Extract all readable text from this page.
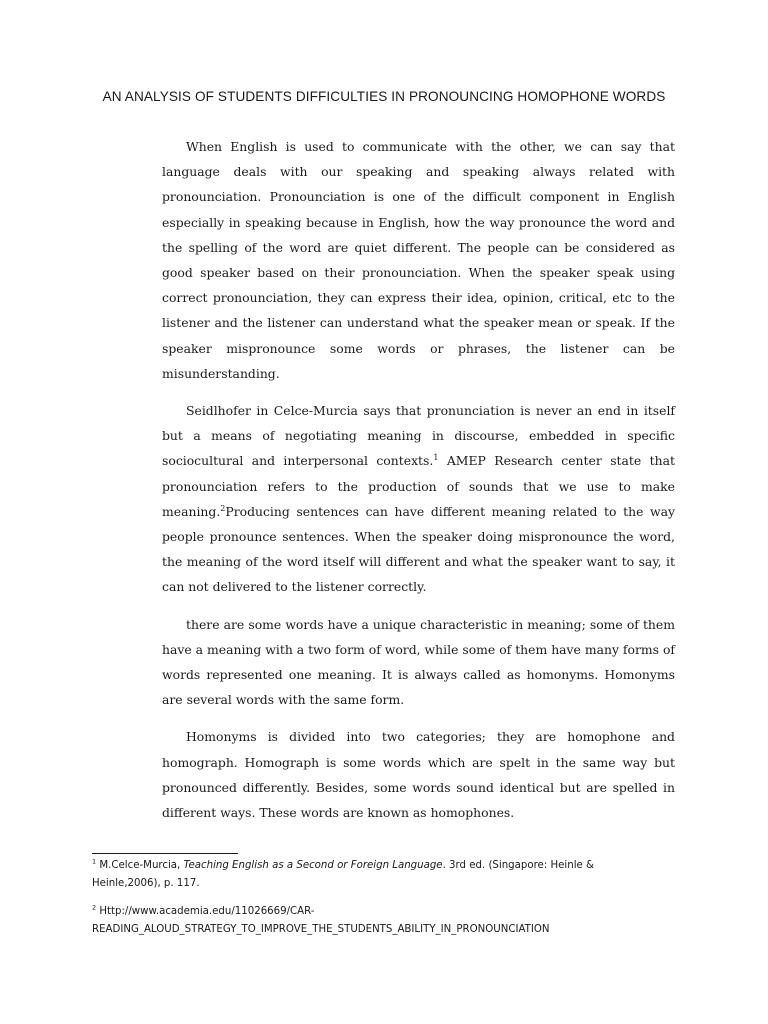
AN ANALYSIS OF STUDENTS DIFFICULTIES IN PRONOUNCING HOMOPHONE WORDS

When English is used to communicate with the other, we can say that language deals with our speaking and speaking always related with pronounciation. Pronounciation is one of the difficult component in English especially in speaking because in English, how the way pronounce the word and the spelling of the word are quiet different. The people can be considered as good speaker based on their pronounciation. When the speaker speak using correct pronounciation, they can express their idea, opinion, critical, etc to the listener and the listener can understand what the speaker mean or speak. If the speaker mispronounce some words or phrases, the listener can be misunderstanding.

Seidlhofer in Celce-Murcia says that pronunciation is never an end in itself but a means of negotiating meaning in discourse, embedded in specific sociocultural and interpersonal contexts.$^1$ AMEP Research center state that pronounciation refers to the production of sounds that we use to make meaning.$^2$Producing sentences can have different meaning related to the way people pronounce sentences. When the speaker doing mispronounce the word, the meaning of the word itself will different and what the speaker want to say, it can not delivered to the listener correctly.

there are some words have a unique characteristic in meaning; some of them have a meaning with a two form of word, while some of them have many forms of words represented one meaning. It is always called as homonyms. Homonyms are several words with the same form.

Homonyms is divided into two categories; they are homophone and homograph. Homograph is some words which are spelt in the same way but pronounced differently. Besides, some words sound identical but are spelled in different ways. These words are known as homophones.

$^1$ M.Celce-Murcia, Teaching English as a Second or Foreign Language. 3rd ed. (Singapore: Heinle & Heinle,2006), p. 117.

$^2$ Http://www.academia.edu/11026669/CAR-
READING_ALOUD_STRATEGY_TO_IMPROVE_THE_STUDENTS_ABILITY_IN_PRONOUNCIATION
